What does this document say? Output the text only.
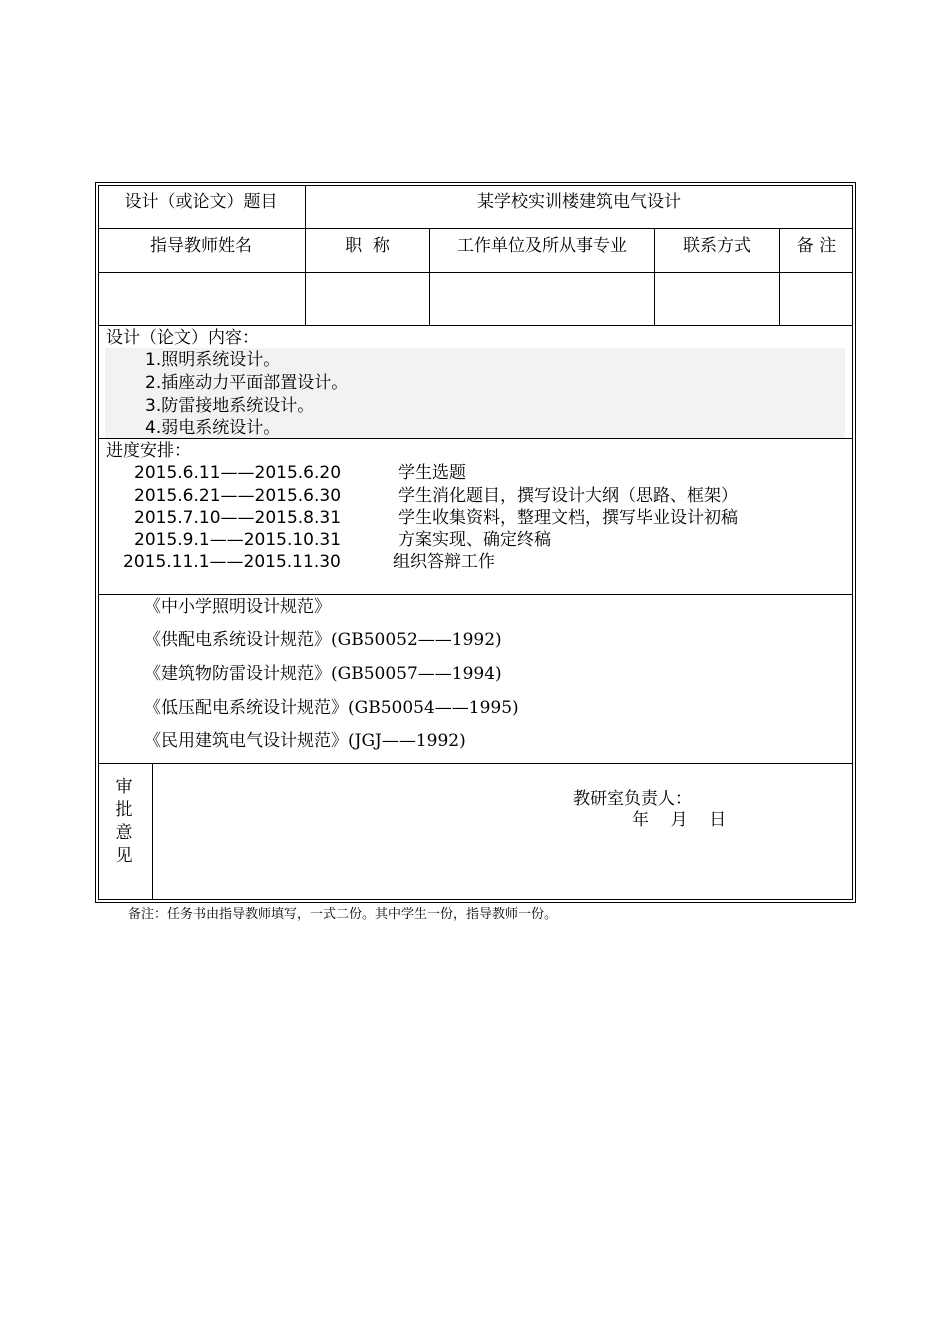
设计（或论文）题目	某学校实训楼建筑电气设计
指导教师姓名	职  称	工作单位及所从事专业	联系方式	备 注
设计（论文）内容：
1.照明系统设计。
2.插座动力平面部置设计。
3.防雷接地系统设计。
4.弱电系统设计。
进度安排：
2015.6.11——2015.6.20	学生选题
2015.6.21——2015.6.30	学生消化题目，撰写设计大纲（思路、框架）
2015.7.10——2015.8.31	学生收集资料，整理文档，撰写毕业设计初稿
2015.9.1——2015.10.31	方案实现、确定终稿
2015.11.1——2015.11.30	组织答辩工作
《中小学照明设计规范》
《供配电系统设计规范》(GB50052——1992)
《建筑物防雷设计规范》(GB50057——1994)
《低压配电系统设计规范》(GB50054——1995)
《民用建筑电气设计规范》(JGJ——1992)
审
批
意
见
教研室负责人：
年    月    日
备注：任务书由指导教师填写，一式二份。其中学生一份，指导教师一份。
